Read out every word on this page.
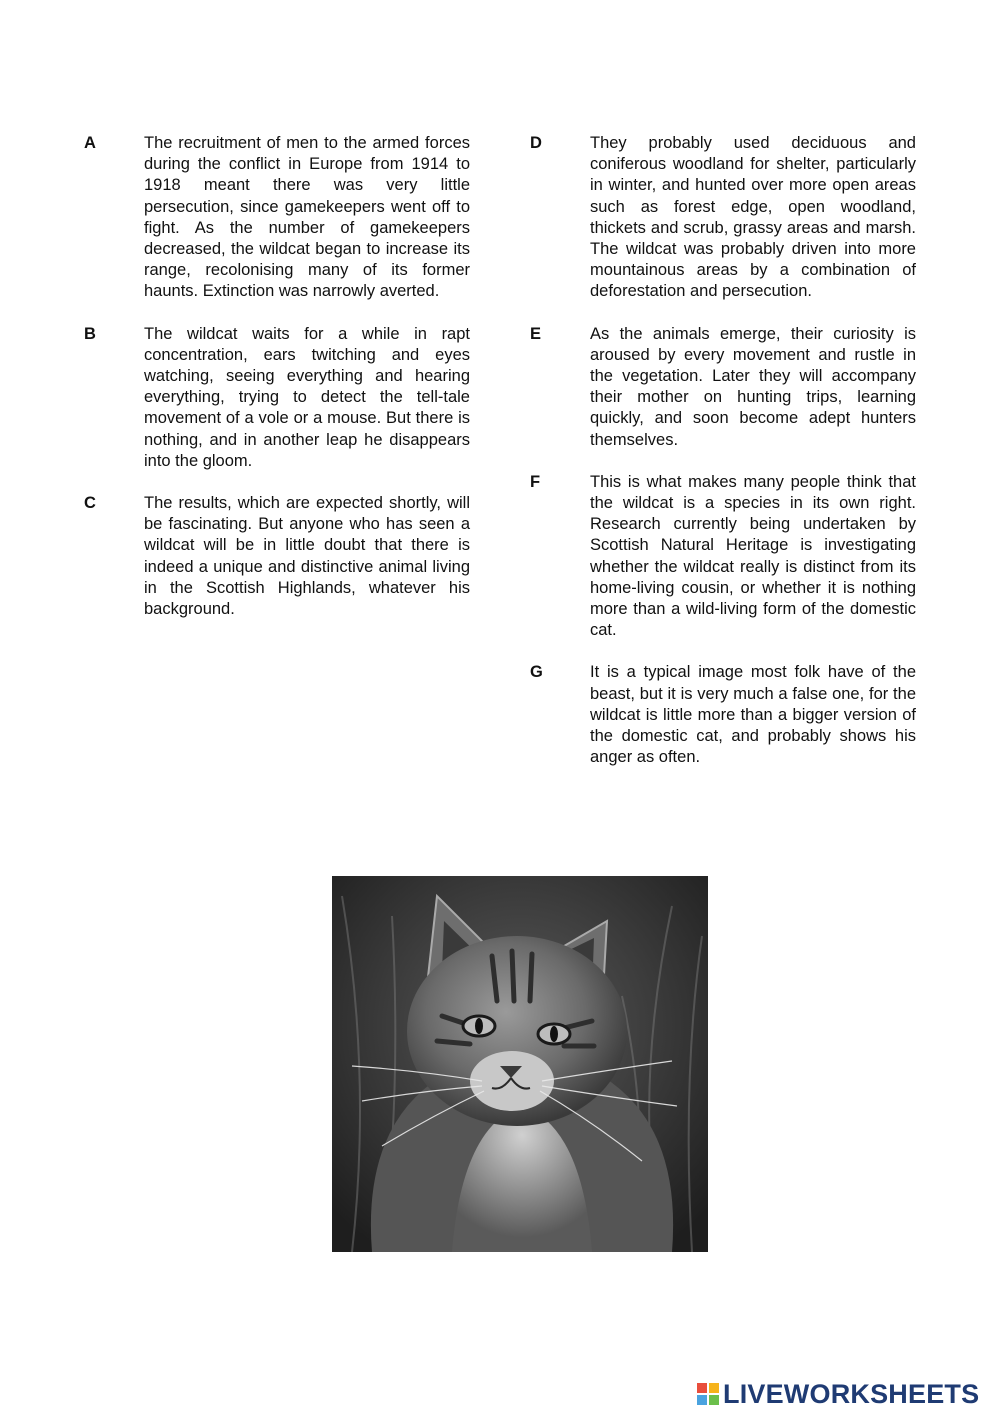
A	The recruitment of men to the armed forces during the conflict in Europe from 1914 to 1918 meant there was very little persecution, since gamekeepers went off to fight. As the number of gamekeepers decreased, the wildcat began to increase its range, recolonising many of its former haunts. Extinction was narrowly averted.
B	The wildcat waits for a while in rapt concentration, ears twitching and eyes watching, seeing everything and hearing everything, trying to detect the tell-tale movement of a vole or a mouse. But there is nothing, and in another leap he disappears into the gloom.
C	The results, which are expected shortly, will be fascinating. But anyone who has seen a wildcat will be in little doubt that there is indeed a unique and distinctive animal living in the Scottish Highlands, whatever his background.
D	They probably used deciduous and coniferous woodland for shelter, particularly in winter, and hunted over more open areas such as forest edge, open woodland, thickets and scrub, grassy areas and marsh. The wildcat was probably driven into more mountainous areas by a combination of deforestation and persecution.
E	As the animals emerge, their curiosity is aroused by every movement and rustle in the vegetation. Later they will accompany their mother on hunting trips, learning quickly, and soon become adept hunters themselves.
F	This is what makes many people think that the wildcat is a species in its own right. Research currently being undertaken by Scottish Natural Heritage is investigating whether the wildcat really is distinct from its home-living cousin, or whether it is nothing more than a wild-living form of the domestic cat.
G	It is a typical image most folk have of the beast, but it is very much a false one, for the wildcat is little more than a bigger version of the domestic cat, and probably shows his anger as often.
LIVEWORKSHEETS
